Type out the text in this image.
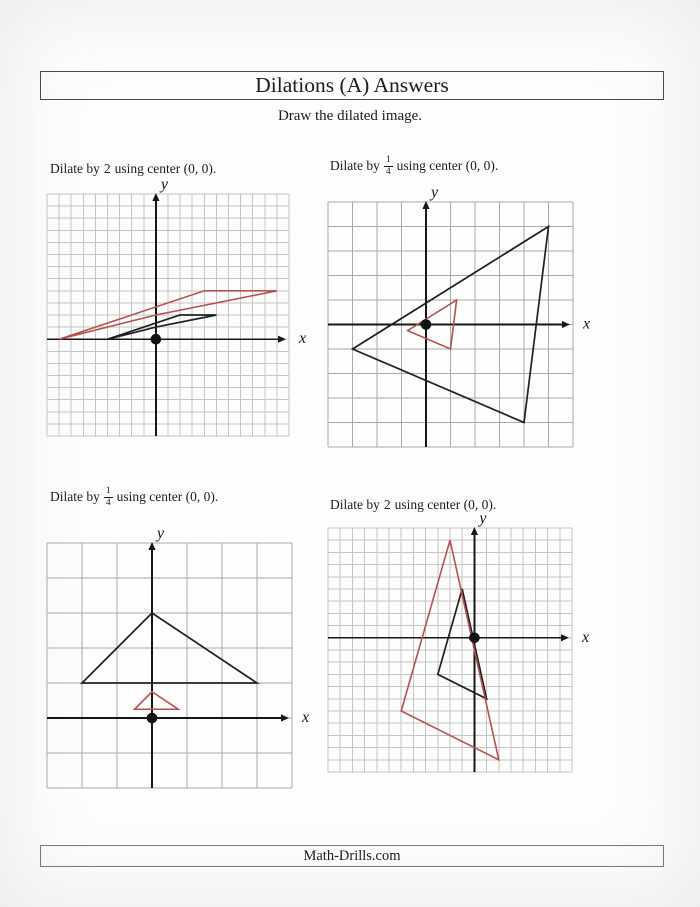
Dilations (A) Answers
Draw the dilated image.
Dilate by 2 using center (0, 0).
x
y
Dilate by $\frac{1}{4}$ using center (0, 0).
x
y
Dilate by $\frac{1}{4}$ using center (0, 0).
x
y
Dilate by 2 using center (0, 0).
x
y
Math-Drills.com
